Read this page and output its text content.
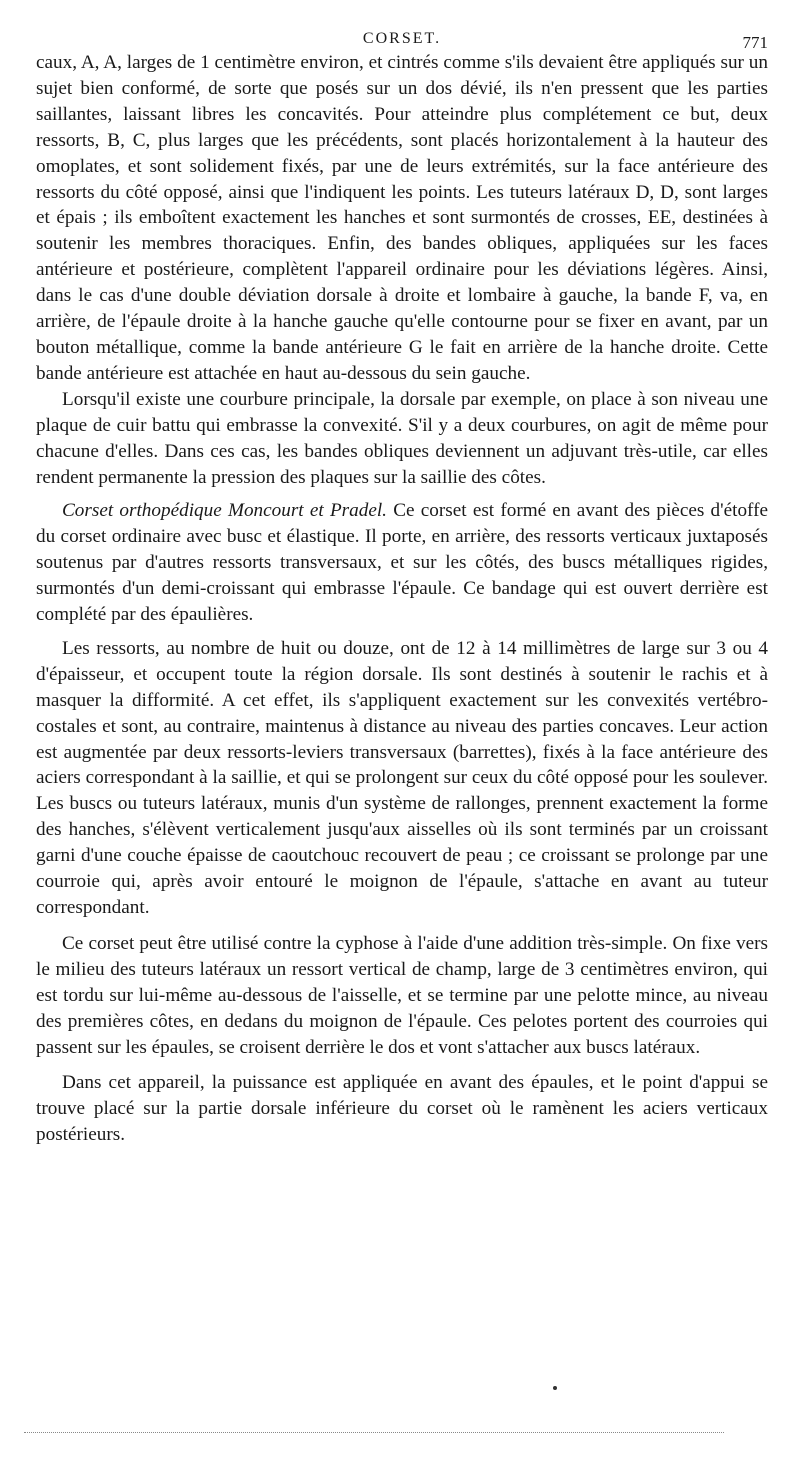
CORSET.	771

caux, A, A, larges de 1 centimètre environ, et cintrés comme s'ils devaient être appliqués sur un sujet bien conformé, de sorte que posés sur un dos dévié, ils n'en pressent que les parties saillantes, laissant libres les concavités. Pour atteindre plus complétement ce but, deux ressorts, B, C, plus larges que les précédents, sont placés horizontalement à la hauteur des omoplates, et sont solidement fixés, par une de leurs extrémités, sur la face antérieure des ressorts du côté opposé, ainsi que l'indiquent les points. Les tuteurs latéraux D, D, sont larges et épais ; ils emboîtent exactement les hanches et sont surmontés de crosses, EE, destinées à soutenir les membres thoraciques. Enfin, des bandes obliques, appliquées sur les faces antérieure et postérieure, complètent l'appareil ordinaire pour les déviations légères. Ainsi, dans le cas d'une double déviation dorsale à droite et lombaire à gauche, la bande F, va, en arrière, de l'épaule droite à la hanche gauche qu'elle contourne pour se fixer en avant, par un bouton métallique, comme la bande antérieure G le fait en arrière de la hanche droite. Cette bande antérieure est attachée en haut au-dessous du sein gauche.

Lorsqu'il existe une courbure principale, la dorsale par exemple, on place à son niveau une plaque de cuir battu qui embrasse la convexité. S'il y a deux courbures, on agit de même pour chacune d'elles. Dans ces cas, les bandes obliques deviennent un adjuvant très-utile, car elles rendent permanente la pression des plaques sur la saillie des côtes.

Corset orthopédique Moncourt et Pradel. Ce corset est formé en avant des pièces d'étoffe du corset ordinaire avec busc et élastique. Il porte, en arrière, des ressorts verticaux juxtaposés soutenus par d'autres ressorts transversaux, et sur les côtés, des buscs métalliques rigides, surmontés d'un demi-croissant qui embrasse l'épaule. Ce bandage qui est ouvert derrière est complété par des épaulières.

Les ressorts, au nombre de huit ou douze, ont de 12 à 14 millimètres de large sur 3 ou 4 d'épaisseur, et occupent toute la région dorsale. Ils sont destinés à soutenir le rachis et à masquer la difformité. A cet effet, ils s'appliquent exactement sur les convexités vertébro-costales et sont, au contraire, maintenus à distance au niveau des parties concaves. Leur action est augmentée par deux ressorts-leviers transversaux (barrettes), fixés à la face antérieure des aciers correspondant à la saillie, et qui se prolongent sur ceux du côté opposé pour les soulever. Les buscs ou tuteurs latéraux, munis d'un système de rallonges, prennent exactement la forme des hanches, s'élèvent verticalement jusqu'aux aisselles où ils sont terminés par un croissant garni d'une couche épaisse de caoutchouc recouvert de peau ; ce croissant se prolonge par une courroie qui, après avoir entouré le moignon de l'épaule, s'attache en avant au tuteur correspondant.

Ce corset peut être utilisé contre la cyphose à l'aide d'une addition très-simple. On fixe vers le milieu des tuteurs latéraux un ressort vertical de champ, large de 3 centimètres environ, qui est tordu sur lui-même au-dessous de l'aisselle, et se termine par une pelotte mince, au niveau des premières côtes, en dedans du moignon de l'épaule. Ces pelotes portent des courroies qui passent sur les épaules, se croisent derrière le dos et vont s'attacher aux buscs latéraux.

Dans cet appareil, la puissance est appliquée en avant des épaules, et le point d'appui se trouve placé sur la partie dorsale inférieure du corset où le ramènent les aciers verticaux postérieurs.
